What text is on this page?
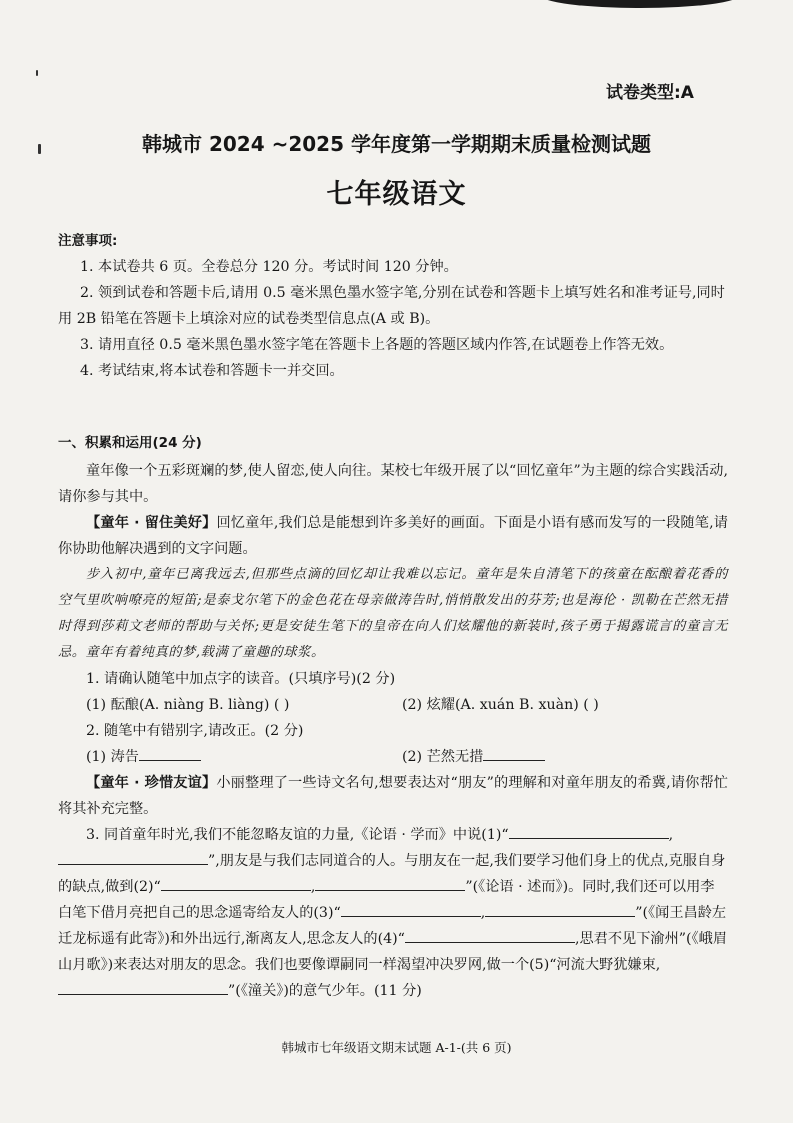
试卷类型:A
韩城市 2024 ~2025 学年度第一学期期末质量检测试题
七年级语文
注意事项:
1. 本试卷共 6 页。全卷总分 120 分。考试时间 120 分钟。
2. 领到试卷和答题卡后,请用 0.5 毫米黑色墨水签字笔,分别在试卷和答题卡上填写姓名和准考证号,同时用 2B 铅笔在答题卡上填涂对应的试卷类型信息点(A 或 B)。
3. 请用直径 0.5 毫米黑色墨水签字笔在答题卡上各题的答题区域内作答,在试题卷上作答无效。
4. 考试结束,将本试卷和答题卡一并交回。
一、积累和运用(24 分)
童年像一个五彩斑斓的梦,使人留恋,使人向往。某校七年级开展了以“回忆童年”为主题的综合实践活动,请你参与其中。
【童年 · 留住美好】回忆童年,我们总是能想到许多美好的画面。下面是小语有感而发写的一段随笔,请你协助他解决遇到的文字问题。
步入初中,童年已离我远去,但那些点滴的回忆却让我难以忘记。童年是朱自清笔下的孩童在酝酿着花香的空气里吹响嘹亮的短笛;是泰戈尔笔下的金色花在母亲做涛告时,悄悄散发出的芬芳;也是海伦 · 凯勒在芒然无措时得到莎莉文老师的帮助与关怀;更是安徒生笔下的皇帝在向人们炫耀他的新装时,孩子勇于揭露谎言的童言无忌。童年有着纯真的梦,载满了童趣的球浆。
1. 请确认随笔中加点字的读音。(只填序号)(2 分)
(1) 酝酿(A. niàng B. liàng) ( )	(2) 炫耀(A. xuán B. xuàn) ( )
2. 随笔中有错别字,请改正。(2 分)
(1) 涛告	(2) 芒然无措
【童年 · 珍惜友谊】小丽整理了一些诗文名句,想要表达对“朋友”的理解和对童年朋友的希冀,请你帮忙将其补充完整。
3. 同首童年时光,我们不能忽略友谊的力量,《论语 · 学而》中说(1)“	,”,朋友是与我们志同道合的人。与朋友在一起,我们要学习他们身上的优点,克服自身的缺点,做到(2)“	,	”(《论语 · 述而》)。同时,我们还可以用李白笔下借月亮把自己的思念遥寄给友人的(3)“	,	”(《闻王昌龄左迁龙标遥有此寄》)和外出远行,渐离友人,思念友人的(4)“	,思君不见下渝州”(《峨眉山月歌》)来表达对朋友的思念。我们也要像谭嗣同一样渴望冲决罗网,做一个(5)“河流大野犹嫌束,”(《潼关》)的意气少年。(11 分)
韩城市七年级语文期末试题 A-1-(共 6 页)
